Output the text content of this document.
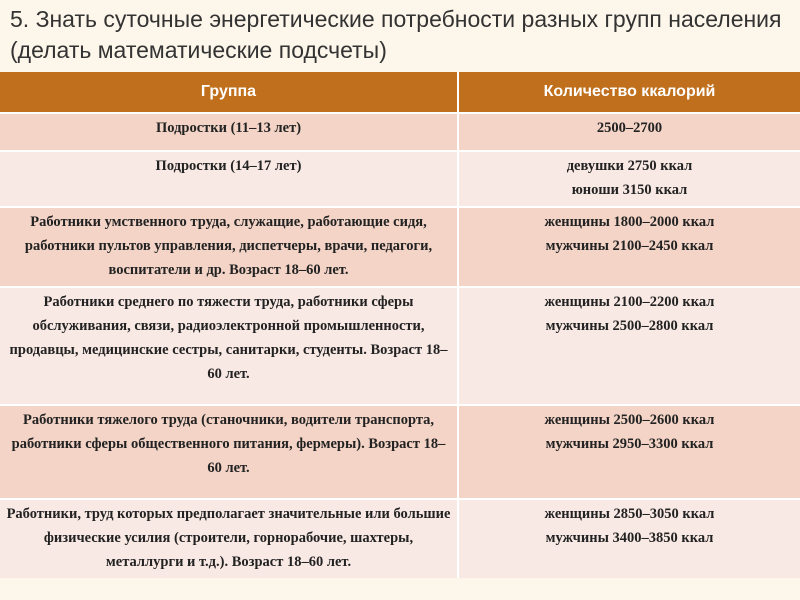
5. Знать суточные энергетические потребности разных групп населения (делать математические подсчеты)
Группа	Количество ккалорий
Подростки (11–13 лет)	2500–2700

Подростки (14–17 лет)	девушки 2750 ккал
юноши 3150 ккал

Работники умственного труда, служащие, работающие сидя, работники пультов управления, диспетчеры, врачи, педагоги, воспитатели и др. Возраст 18–60 лет.	женщины 1800–2000 ккал
мужчины 2100–2450 ккал

Работники среднего по тяжести труда, работники сферы обслуживания, связи, радиоэлектронной промышленности, продавцы, медицинские сестры, санитарки, студенты. Возраст 18–60 лет.	женщины 2100–2200 ккал
мужчины 2500–2800 ккал

Работники тяжелого труда (станочники, водители транспорта, работники сферы общественного питания, фермеры). Возраст 18–60 лет.	женщины 2500–2600 ккал
мужчины 2950–3300 ккал

Работники, труд которых предполагает значительные или большие физические усилия (строители, горнорабочие, шахтеры, металлурги и т.д.). Возраст 18–60 лет.	женщины 2850–3050 ккал
мужчины 3400–3850 ккал
